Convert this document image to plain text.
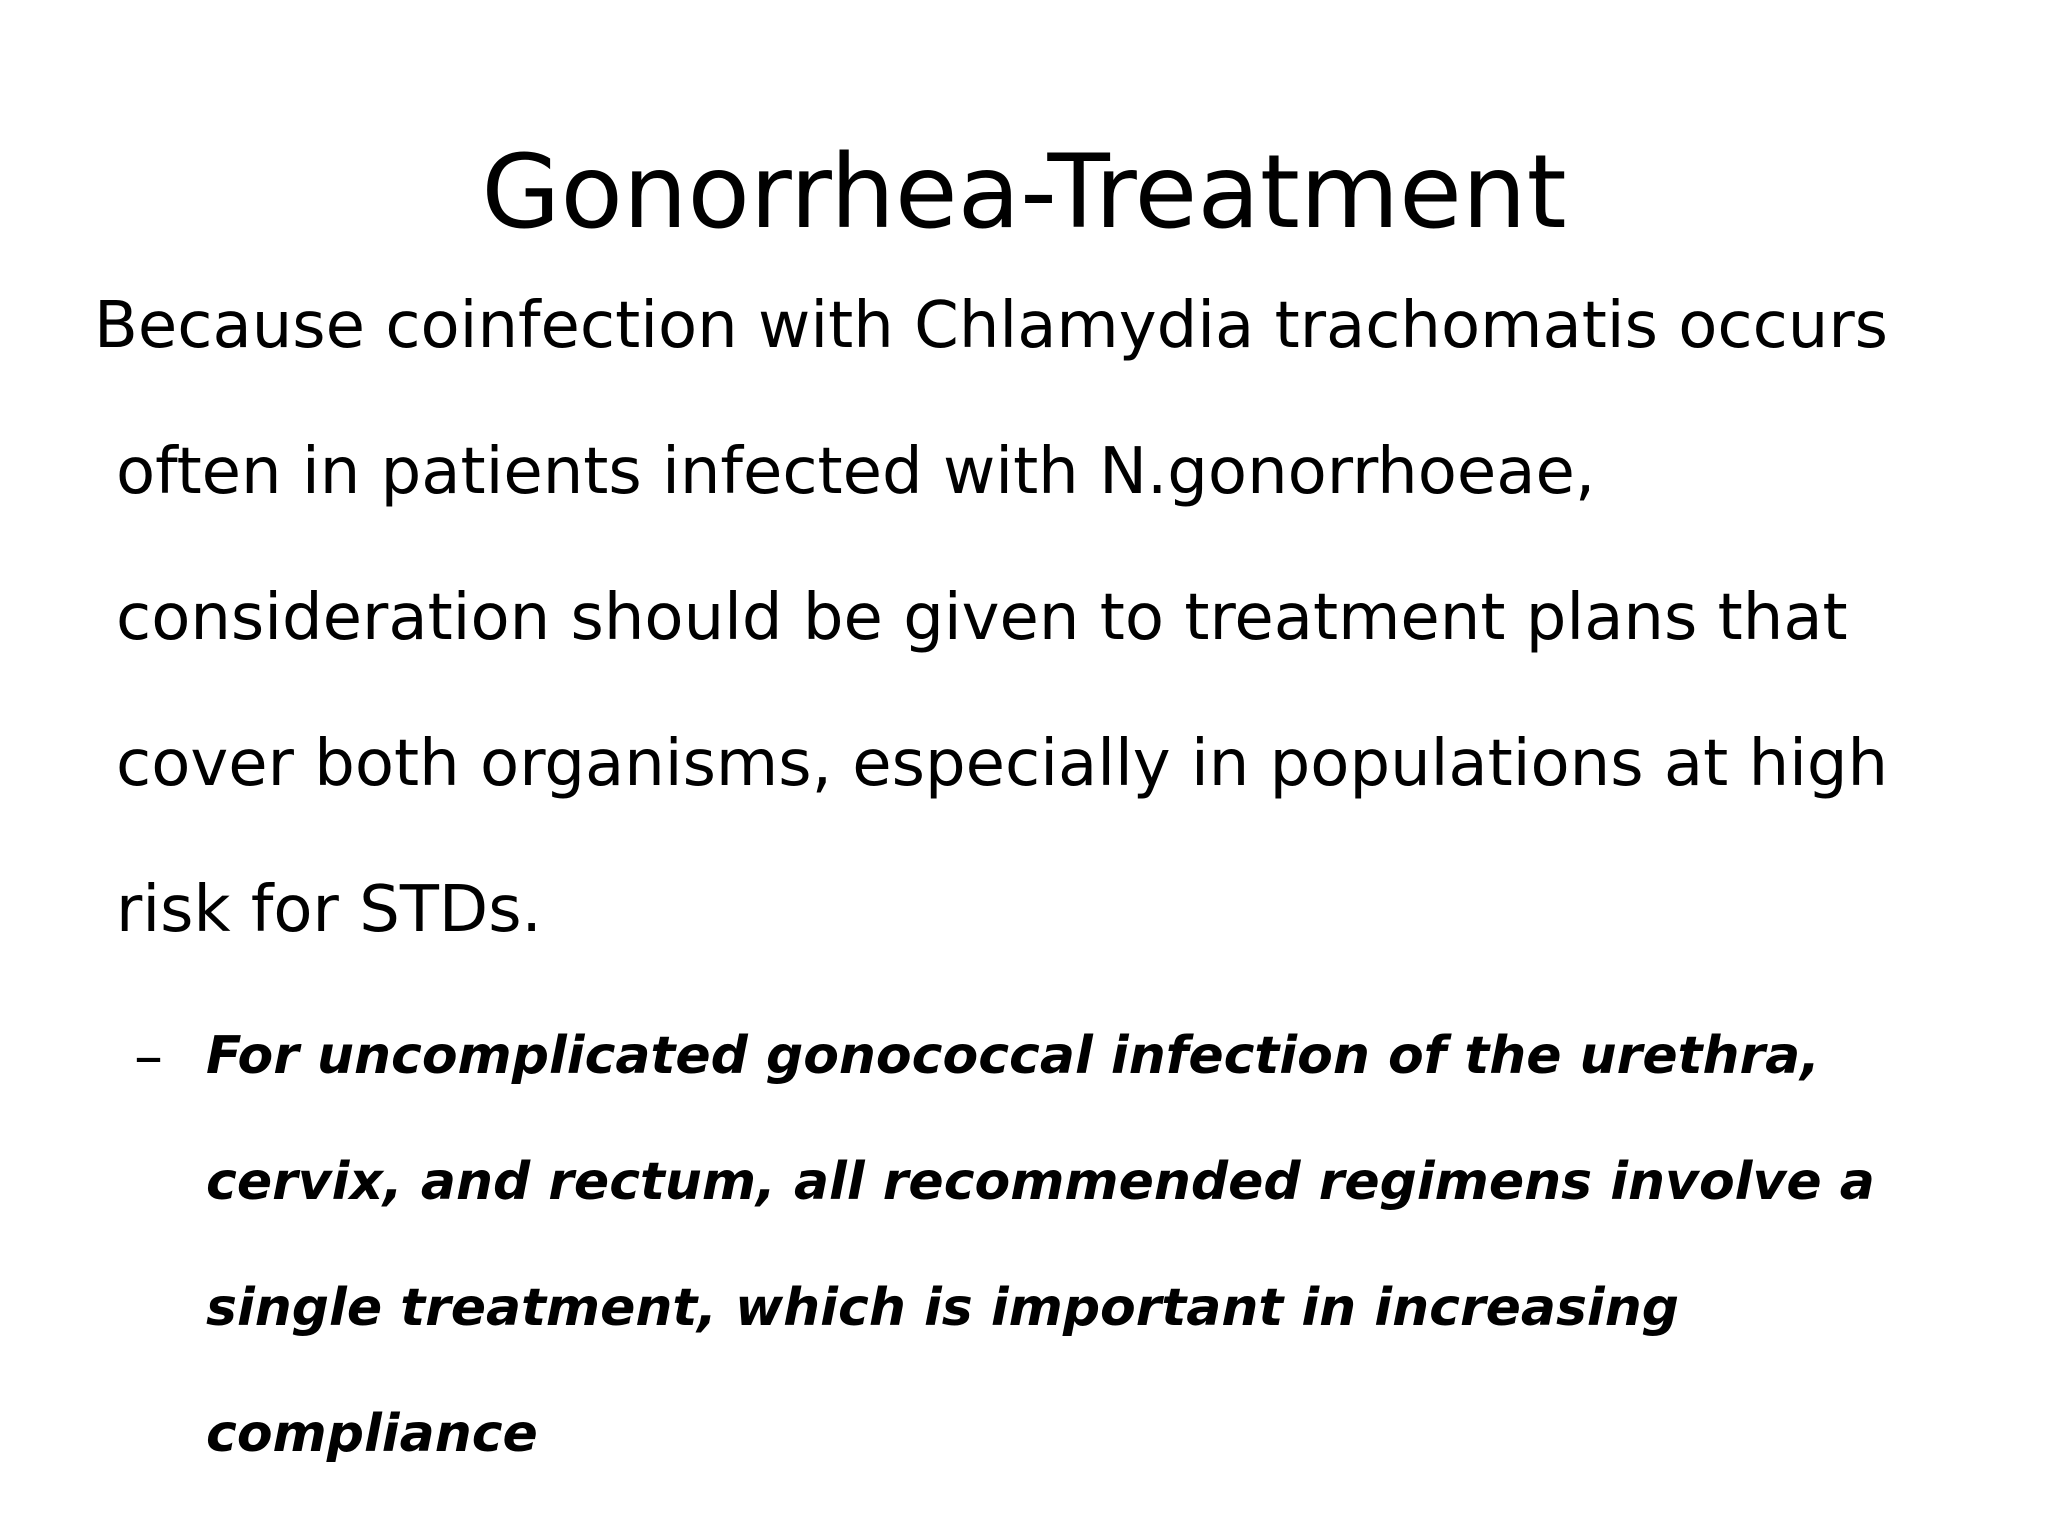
Gonorrhea-Treatment
Because coinfection with Chlamydia trachomatis occurs
often in patients infected with N.gonorrhoeae,
consideration should be given to treatment plans that
cover both organisms, especially in populations at high
risk for STDs.
– For uncomplicated gonococcal infection of the urethra,
cervix, and rectum, all recommended regimens involve a
single treatment, which is important in increasing
compliance
